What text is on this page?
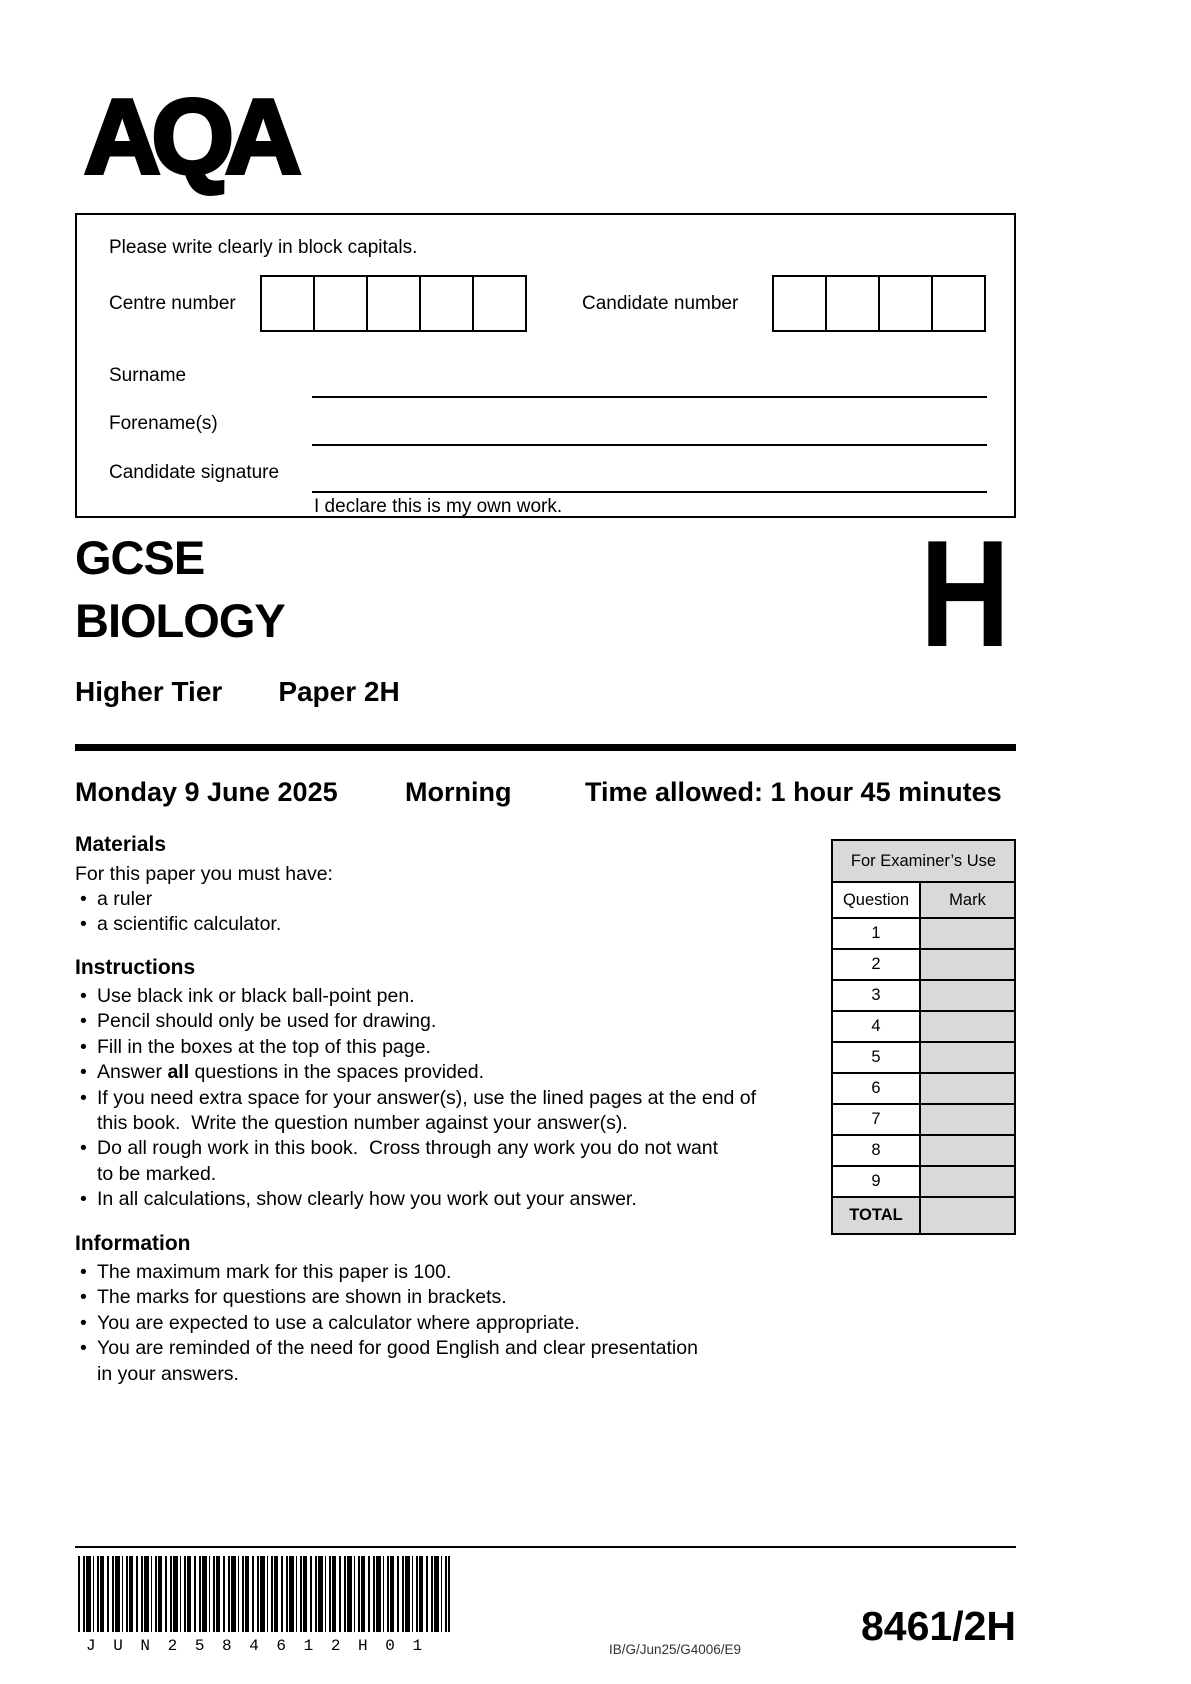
AQA
Please write clearly in block capitals.
Centre number	Candidate number
Surname
Forename(s)
Candidate signature
I declare this is my own work.
GCSE
BIOLOGY	H
Higher Tier Paper 2H
Monday 9 June 2025 Morning	Time allowed: 1 hour 45 minutes
Materials

For this paper you must have:

• a ruler
• a scientific calculator.
Instructions
• Use black ink or black ball-point pen.
• Pencil should only be used for drawing.
• Fill in the boxes at the top of this page.
• Answer all questions in the spaces provided.
• If you need extra space for your answer(s), use the lined pages at the end of
this book.  Write the question number against your answer(s).
• Do all rough work in this book.  Cross through any work you do not want
to be marked.
• In all calculations, show clearly how you work out your answer.
Information
• The maximum mark for this paper is 100.
• The marks for questions are shown in brackets.
• You are expected to use a calculator where appropriate.
• You are reminded of the need for good English and clear presentation
in your answers.
For Examiner’s Use	
Question	Mark
1	
2	
3	
4	
5	
6	
7	
8	
9	
TOTAL	
J U N 2 5 8 4 6 1 2 H 0 1	IB/G/Jun25/G4006/E9
8461/2H
